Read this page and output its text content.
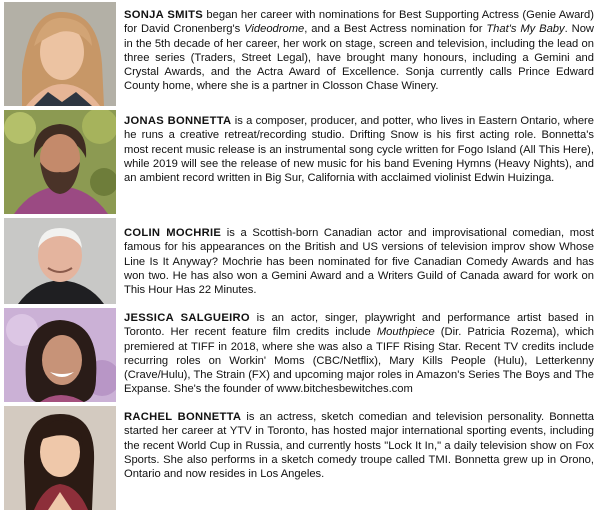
SONJA SMITS began her career with nominations for Best Supporting Actress (Genie Award) for David Cronenberg's Videodrome, and a Best Actress nomination for That's My Baby. Now in the 5th decade of her career, her work on stage, screen and television, including the lead on three series (Traders, Street Legal), have brought many honours, including a Gemini and Crystal Awards, and the Actra Award of Excellence. Sonja currently calls Prince Edward County home, where she is a partner in Closson Chase Winery.
JONAS BONNETTA is a composer, producer, and potter, who lives in Eastern Ontario, where he runs a creative retreat/recording studio. Drifting Snow is his first acting role. Bonnetta's most recent music release is an instrumental song cycle written for Fogo Island (All This Here), while 2019 will see the release of new music for his band Evening Hymns (Heavy Nights), and an ambient record written in Big Sur, California with acclaimed violinist Edwin Huizinga.
COLIN MOCHRIE is a Scottish-born Canadian actor and improvisational comedian, most famous for his appearances on the British and US versions of television improv show Whose Line Is It Anyway? Mochrie has been nominated for five Canadian Comedy Awards and has won two. He has also won a Gemini Award and a Writers Guild of Canada award for work on This Hour Has 22 Minutes.
JESSICA SALGUEIRO is an actor, singer, playwright and performance artist based in Toronto. Her recent feature film credits include Mouthpiece (Dir. Patricia Rozema), which premiered at TIFF in 2018, where she was also a TIFF Rising Star. Recent TV credits include recurring roles on Workin' Moms (CBC/Netflix), Mary Kills People (Hulu), Letterkenny (Crave/Hulu), The Strain (FX) and upcoming major roles in Amazon's Series The Boys and The Expanse. She's the founder of www.bitchesbewitches.com
RACHEL BONNETTA is an actress, sketch comedian and television personality. Bonnetta started her career at YTV in Toronto, has hosted major international sporting events, including the recent World Cup in Russia, and currently hosts "Lock It In," a daily television show on Fox Sports. She also performs in a sketch comedy troupe called TMI. Bonnetta grew up in Orono, Ontario and now resides in Los Angeles.
